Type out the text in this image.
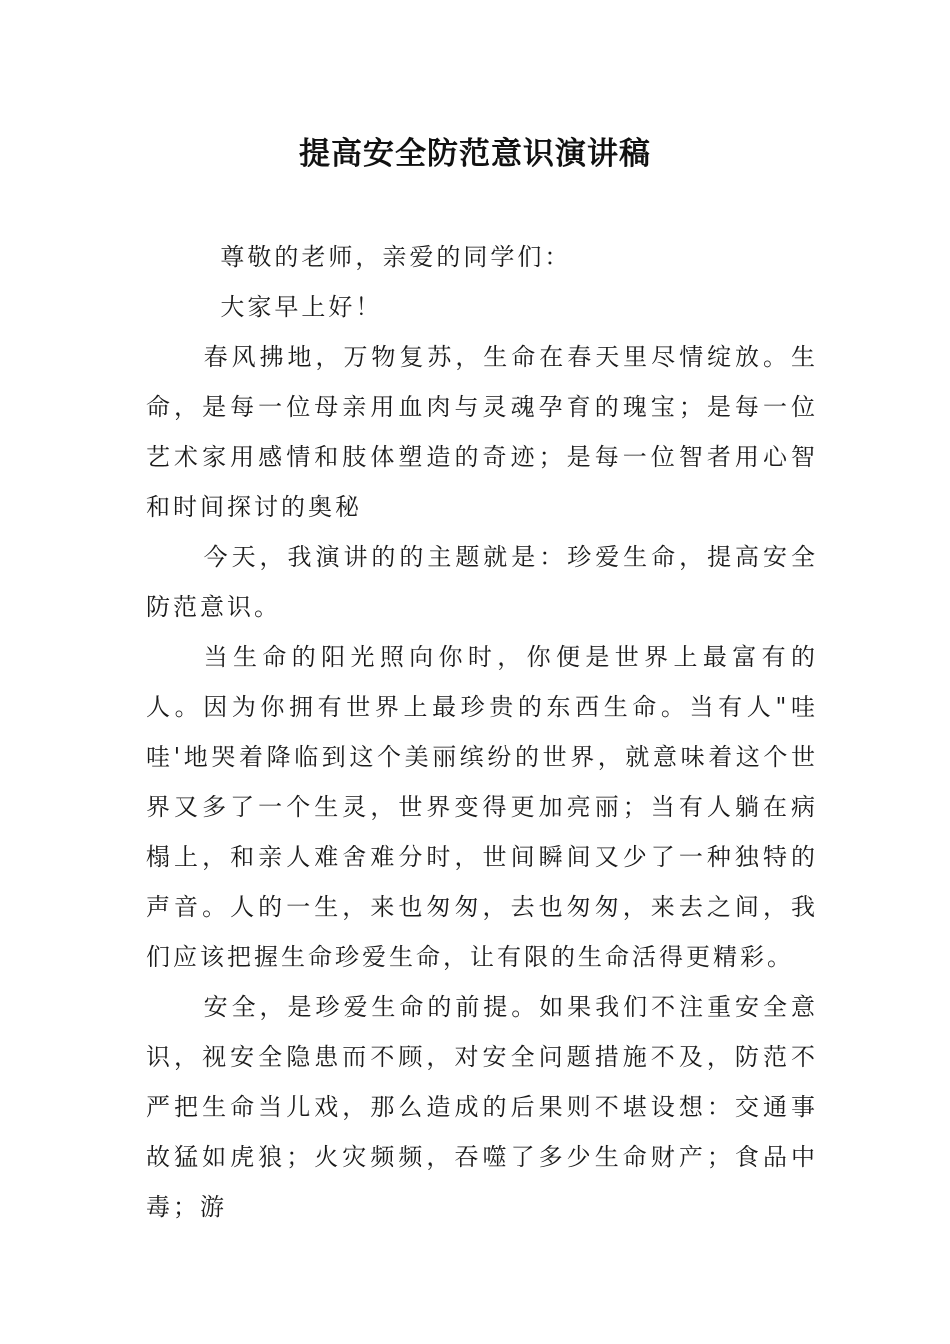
提高安全防范意识演讲稿

尊敬的老师，亲爱的同学们：

大家早上好！

春风拂地，万物复苏，生命在春天里尽情绽放。生命，是每一位母亲用血肉与灵魂孕育的瑰宝；是每一位艺术家用感情和肢体塑造的奇迹；是每一位智者用心智和时间探讨的奥秘

今天，我演讲的的主题就是：珍爱生命，提高安全防范意识。

当生命的阳光照向你时，你便是世界上最富有的人。因为你拥有世界上最珍贵的东西生命。当有人"哇哇'地哭着降临到这个美丽缤纷的世界，就意味着这个世界又多了一个生灵，世界变得更加亮丽；当有人躺在病榻上，和亲人难舍难分时，世间瞬间又少了一种独特的声音。人的一生，来也匆匆，去也匆匆，来去之间，我们应该把握生命珍爱生命，让有限的生命活得更精彩。

安全，是珍爱生命的前提。如果我们不注重安全意识，视安全隐患而不顾，对安全问题措施不及，防范不严把生命当儿戏，那么造成的后果则不堪设想：交通事故猛如虎狼；火灾频频，吞噬了多少生命财产；食品中毒；游
